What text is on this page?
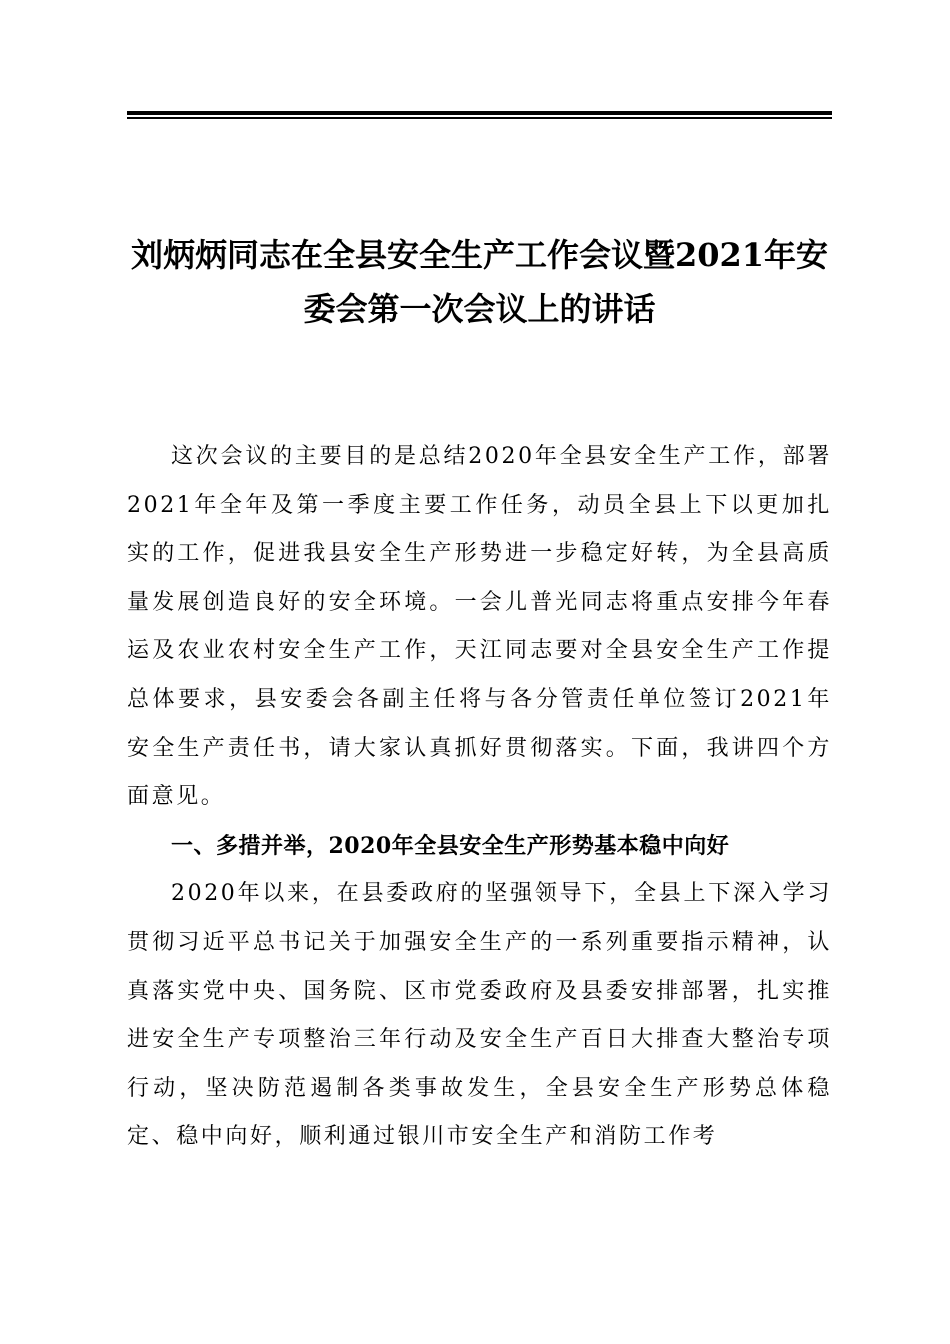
刘炳炳同志在全县安全生产工作会议暨2021年安委会第一次会议上的讲话

这次会议的主要目的是总结2020年全县安全生产工作，部署2021年全年及第一季度主要工作任务，动员全县上下以更加扎实的工作，促进我县安全生产形势进一步稳定好转，为全县高质量发展创造良好的安全环境。一会儿普光同志将重点安排今年春运及农业农村安全生产工作，天江同志要对全县安全生产工作提总体要求，县安委会各副主任将与各分管责任单位签订2021年安全生产责任书，请大家认真抓好贯彻落实。下面，我讲四个方面意见。

一、多措并举，2020年全县安全生产形势基本稳中向好

2020年以来，在县委政府的坚强领导下，全县上下深入学习贯彻习近平总书记关于加强安全生产的一系列重要指示精神，认真落实党中央、国务院、区市党委政府及县委安排部署，扎实推进安全生产专项整治三年行动及安全生产百日大排查大整治专项行动，坚决防范遏制各类事故发生，全县安全生产形势总体稳定、稳中向好，顺利通过银川市安全生产和消防工作考
